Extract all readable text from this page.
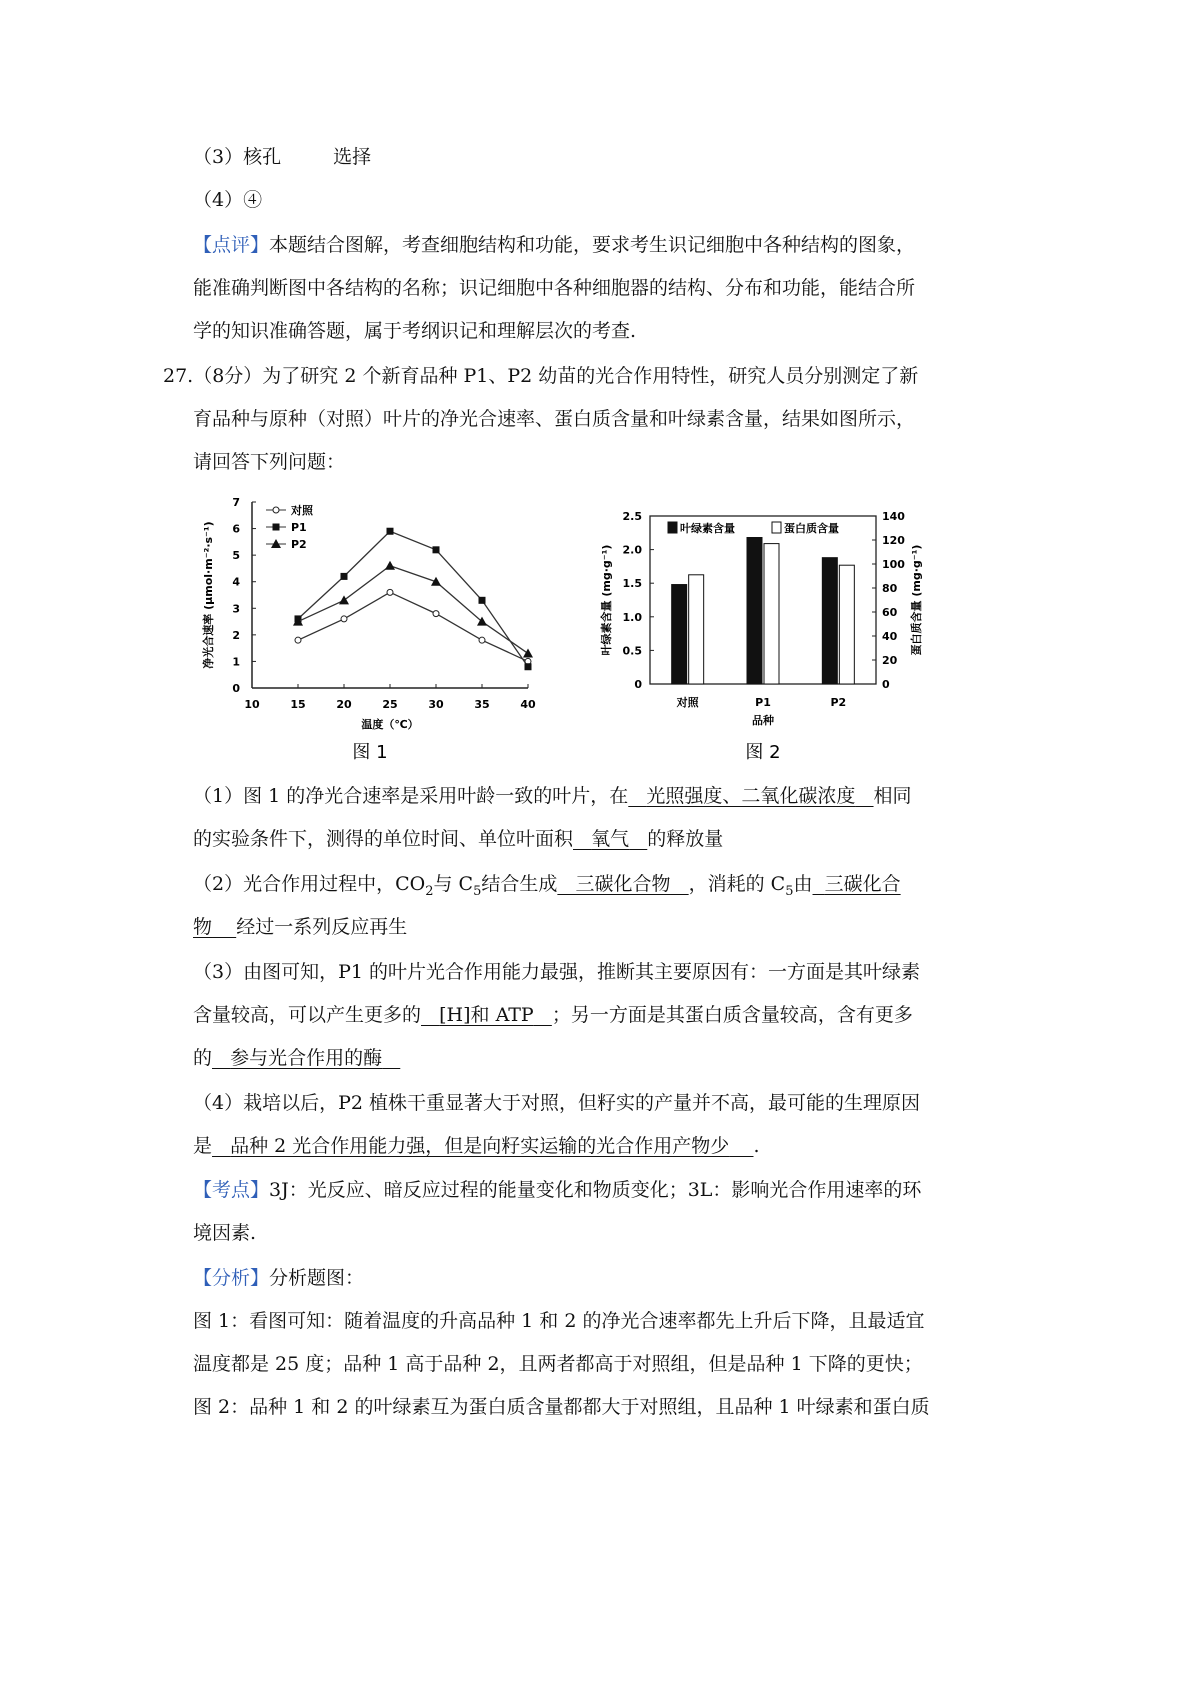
（3）核孔	选择
（4）④
【点评】本题结合图解，考查细胞结构和功能，要求考生识记细胞中各种结构的图象，
能准确判断图中各结构的名称；识记细胞中各种细胞器的结构、分布和功能，能结合所
学的知识准确答题，属于考纲识记和理解层次的考查.
27.（8分）为了研究 2 个新育品种 P1、P2 幼苗的光合作用特性，研究人员分别测定了新
育品种与原种（对照）叶片的净光合速率、蛋白质含量和叶绿素含量，结果如图所示，
请回答下列问题：
0
1
2
3
4
5
6
7
10	15	20	25	30	35	40
温度（℃）
净光合速率 (μmol·m⁻²·s⁻¹)
对照
P1
P2
图 1
0
0.5
1.0
1.5
2.0
2.5
0
20
40
60
80
100
120
140
对照	P1	P2
品种
叶绿素含量 (mg·g⁻¹)	蛋白质含量 (mg·g⁻¹)
叶绿素含量	蛋白质含量
图 2
（1）图 1 的净光合速率是采用叶龄一致的叶片，在 光照强度、二氧化碳浓度 相同
的实验条件下，测得的单位时间、单位叶面积 氧气 的释放量
（2）光合作用过程中，$CO_2$与 $C_5$结合生成 三碳化合物 ，消耗的 $C_5$由 三碳化合
物 经过一系列反应再生
（3）由图可知，P1 的叶片光合作用能力最强，推断其主要原因有：一方面是其叶绿素
含量较高，可以产生更多的 [H]和 ATP ；另一方面是其蛋白质含量较高，含有更多
的 参与光合作用的酶
（4）栽培以后，P2 植株干重显著大于对照，但籽实的产量并不高，最可能的生理原因
是 品种 2 光合作用能力强，但是向籽实运输的光合作用产物少 .
【考点】3J：光反应、暗反应过程的能量变化和物质变化；3L：影响光合作用速率的环
境因素.
【分析】分析题图：
图 1：看图可知：随着温度的升高品种 1 和 2 的净光合速率都先上升后下降，且最适宜
温度都是 25 度；品种 1 高于品种 2，且两者都高于对照组，但是品种 1 下降的更快；
图 2：品种 1 和 2 的叶绿素互为蛋白质含量都都大于对照组，且品种 1 叶绿素和蛋白质
